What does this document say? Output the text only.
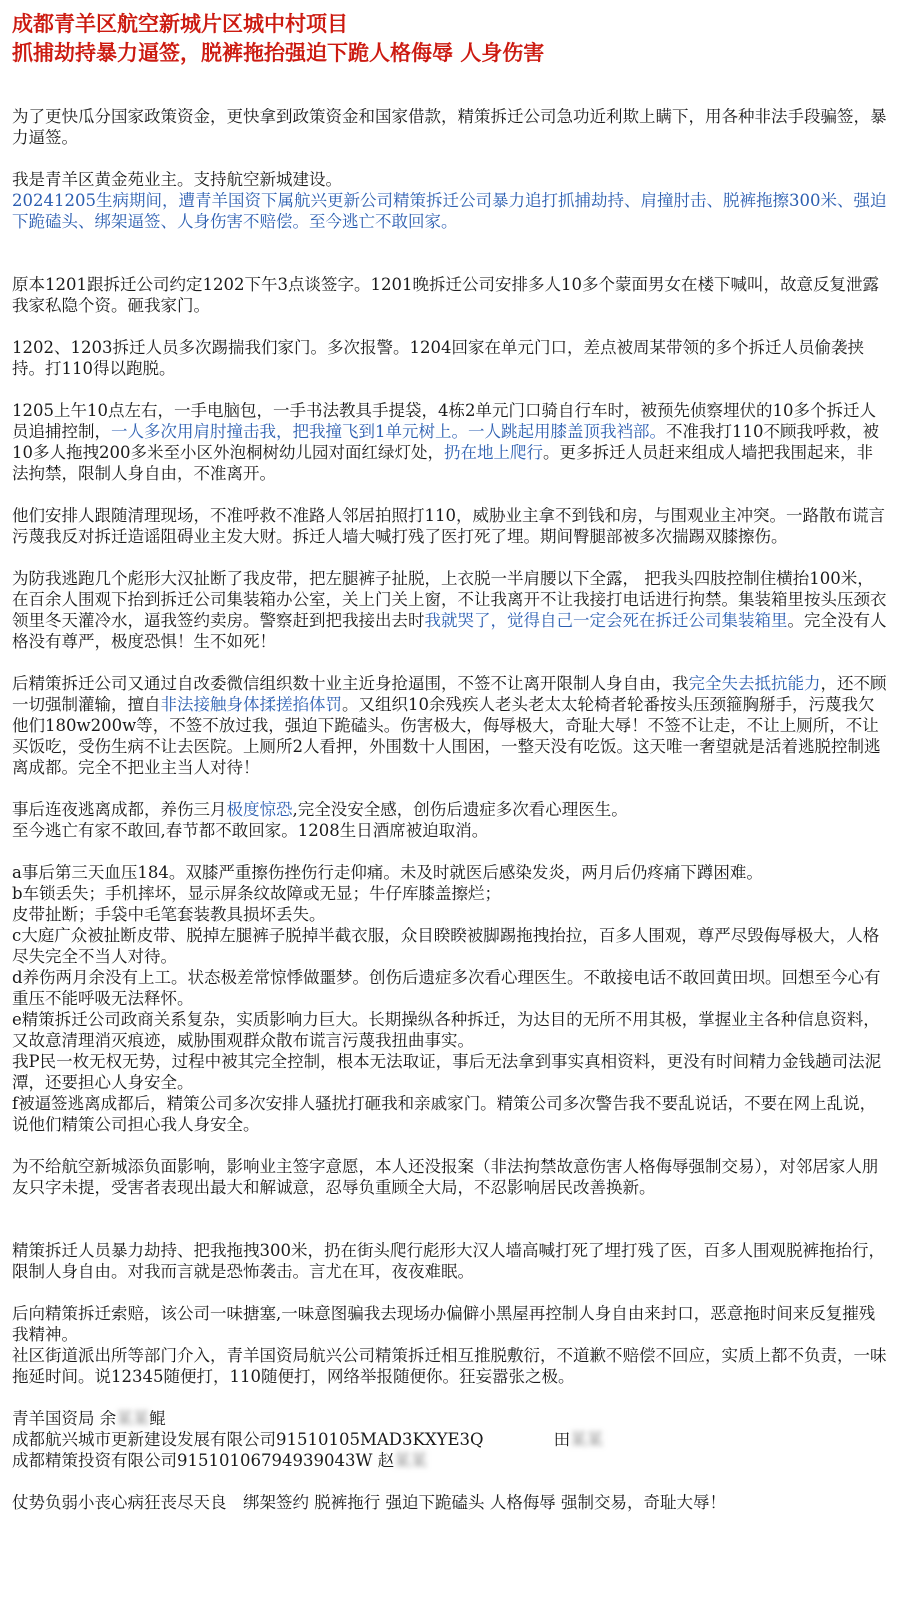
成都青羊区航空新城片区城中村项目
抓捕劫持暴力逼签，脱裤拖抬强迫下跪人格侮辱 人身伤害

为了更快瓜分国家政策资金，更快拿到政策资金和国家借款，精策拆迁公司急功近利欺上瞒下，用各种非法手段骗签，暴力逼签。

我是青羊区黄金苑业主。支持航空新城建设。

20241205生病期间，遭青羊国资下属航兴更新公司精策拆迁公司暴力追打抓捕劫持、肩撞肘击、脱裤拖擦300米、强迫下跪磕头、绑架逼签、人身伤害不赔偿。至今逃亡不敢回家。

原本1201跟拆迁公司约定1202下午3点谈签字。1201晚拆迁公司安排多人10多个蒙面男女在楼下喊叫，故意反复泄露我家私隐个资。砸我家门。

1202、1203拆迁人员多次踢揣我们家门。多次报警。1204回家在单元门口，差点被周某带领的多个拆迁人员偷袭挟持。打110得以跑脱。

1205上午10点左右，一手电脑包，一手书法教具手提袋，4栋2单元门口骑自行车时，被预先侦察埋伏的10多个拆迁人员追捕控制，一人多次用肩肘撞击我，把我撞飞到1单元树上。一人跳起用膝盖顶我裆部。不准我打110不顾我呼救，被10多人拖拽200多米至小区外泡桐树幼儿园对面红绿灯处，扔在地上爬行。更多拆迁人员赶来组成人墙把我围起来，非法拘禁，限制人身自由，不准离开。

他们安排人跟随清理现场，不准呼救不准路人邻居拍照打110，威胁业主拿不到钱和房，与围观业主冲突。一路散布谎言污蔑我反对拆迁造谣阻碍业主发大财。拆迁人墙大喊打残了医打死了埋。期间臀腿部被多次揣踢双膝擦伤。

为防我逃跑几个彪形大汉扯断了我皮带，把左腿裤子扯脱，上衣脱一半肩腰以下全露， 把我头四肢控制住横抬100米，在百余人围观下抬到拆迁公司集装箱办公室，关上门关上窗，不让我离开不让我接打电话进行拘禁。集装箱里按头压颈衣领里冬天灌冷水，逼我签约卖房。警察赶到把我接出去时我就哭了，觉得自己一定会死在拆迁公司集装箱里。完全没有人格没有尊严，极度恐惧！生不如死！

后精策拆迁公司又通过自改委微信组织数十业主近身抢逼围，不签不让离开限制人身自由，我完全失去抵抗能力，还不顾一切强制灌输，擅自非法接触身体揉搓掐体罚。又组织10余残疾人老头老太太轮椅者轮番按头压颈箍胸掰手，污蔑我欠他们180w200w等，不签不放过我，强迫下跪磕头。伤害极大，侮辱极大，奇耻大辱！不签不让走，不让上厕所，不让买饭吃，受伤生病不让去医院。上厕所2人看押，外围数十人围困，一整天没有吃饭。这天唯一奢望就是活着逃脱控制逃离成都。完全不把业主当人对待！

事后连夜逃离成都，养伤三月极度惊恐,完全没安全感，创伤后遗症多次看心理医生。

至今逃亡有家不敢回,春节都不敢回家。1208生日酒席被迫取消。

a事后第三天血压184。双膝严重擦伤挫伤行走仰痛。未及时就医后感染发炎，两月后仍疼痛下蹲困难。

b车锁丢失；手机摔坏，显示屏条纹故障或无显；牛仔库膝盖擦烂；

皮带扯断；手袋中毛笔套装教具损坏丢失。

c大庭广众被扯断皮带、脱掉左腿裤子脱掉半截衣服，众目睽睽被脚踢拖拽抬拉，百多人围观，尊严尽毁侮辱极大，人格尽失完全不当人对待。

d养伤两月余没有上工。状态极差常惊悸做噩梦。创伤后遗症多次看心理医生。不敢接电话不敢回黄田坝。回想至今心有重压不能呼吸无法释怀。

e精策拆迁公司政商关系复杂，实质影响力巨大。长期操纵各种拆迁，为达目的无所不用其极，掌握业主各种信息资料，又故意清理消灭痕迹，威胁围观群众散布谎言污蔑我扭曲事实。

我P民一枚无权无势，过程中被其完全控制，根本无法取证，事后无法拿到事实真相资料，更没有时间精力金钱趟司法泥潭，还要担心人身安全。

f被逼签逃离成都后，精策公司多次安排人骚扰打砸我和亲戚家门。精策公司多次警告我不要乱说话，不要在网上乱说，说他们精策公司担心我人身安全。

为不给航空新城添负面影响，影响业主签字意愿，本人还没报案（非法拘禁故意伤害人格侮辱强制交易），对邻居家人朋友只字未提，受害者表现出最大和解诚意，忍辱负重顾全大局，不忍影响居民改善换新。

精策拆迁人员暴力劫持、把我拖拽300米，扔在街头爬行彪形大汉人墙高喊打死了埋打残了医，百多人围观脱裤拖抬行，限制人身自由。对我而言就是恐怖袭击。言尤在耳，夜夜难眠。

后向精策拆迁索赔，该公司一味搪塞,一味意图骗我去现场办偏僻小黑屋再控制人身自由来封口，恶意拖时间来反复摧残我精神。

社区街道派出所等部门介入，青羊国资局航兴公司精策拆迁相互推脱敷衍，不道歉不赔偿不回应，实质上都不负责，一味拖延时间。说12345随便打，110随便打，网络举报随便你。狂妄嚣张之极。

青羊国资局 余某某鲲

成都航兴城市更新建设发展有限公司91510105MAD3KXYE3Q	田某某

成都精策投资有限公司91510106794939043W 赵某某

仗势负弱小丧心病狂丧尽天良　绑架签约 脱裤拖行 强迫下跪磕头 人格侮辱 强制交易，奇耻大辱！
